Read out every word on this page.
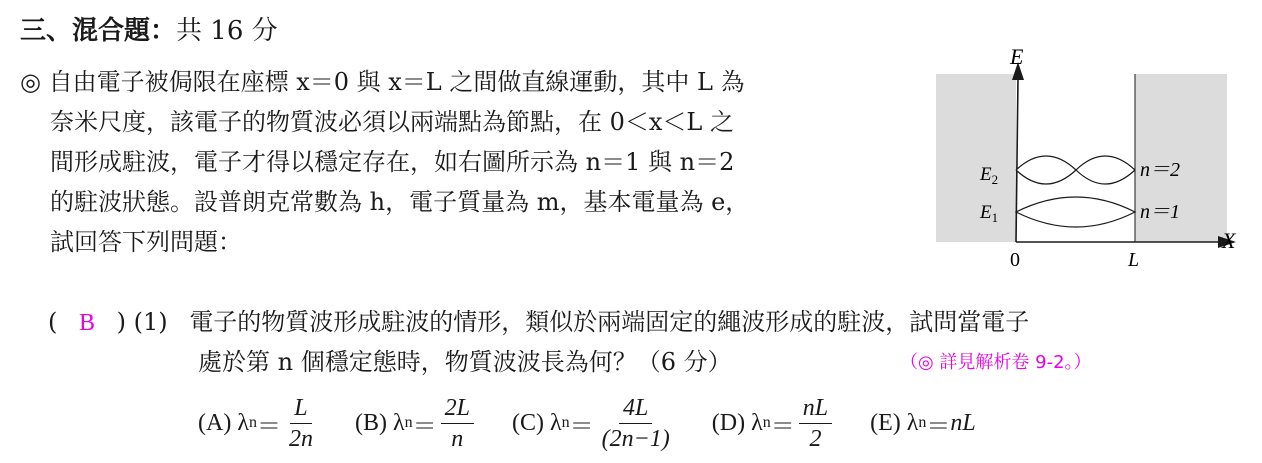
三、混合題：共 16 分
◎ 自由電子被侷限在座標 x＝0 與 x＝L 之間做直線運動，其中 L 為
奈米尺度，該電子的物質波必須以兩端點為節點，在 0＜x＜L 之
間形成駐波，電子才得以穩定存在，如右圖所示為 n＝1 與 n＝2
的駐波狀態。設普朗克常數為 h，電子質量為 m，基本電量為 e，
試回答下列問題：
E
X
0	L
$E_1$
$E_2$
n＝1
n＝2
( B ) (1) 電子的物質波形成駐波的情形，類似於兩端固定的繩波形成的駐波，試問當電子
處於第 n 個穩定態時，物質波波長為何？（6 分）	（◎ 詳見解析卷 9-2。）
(A)
λ $n = \frac{L}{2n} (B)$
λ $n = \frac{2L}{n} (C)$
λ $n = \frac{4L}{(2n-1)} (D)$
λ $n = \frac{nL}{2} (E)$
λ n ＝ nL
